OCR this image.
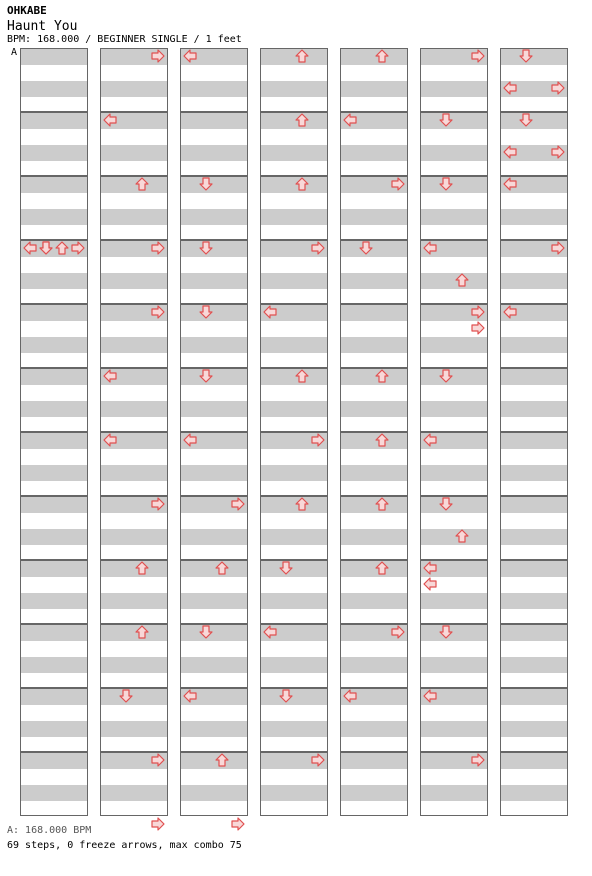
OHKABE
Haunt You
BPM: 168.000 / BEGINNER SINGLE / 1 feet
A
A: 168.000 BPM
69 steps, 0 freeze arrows, max combo 75
